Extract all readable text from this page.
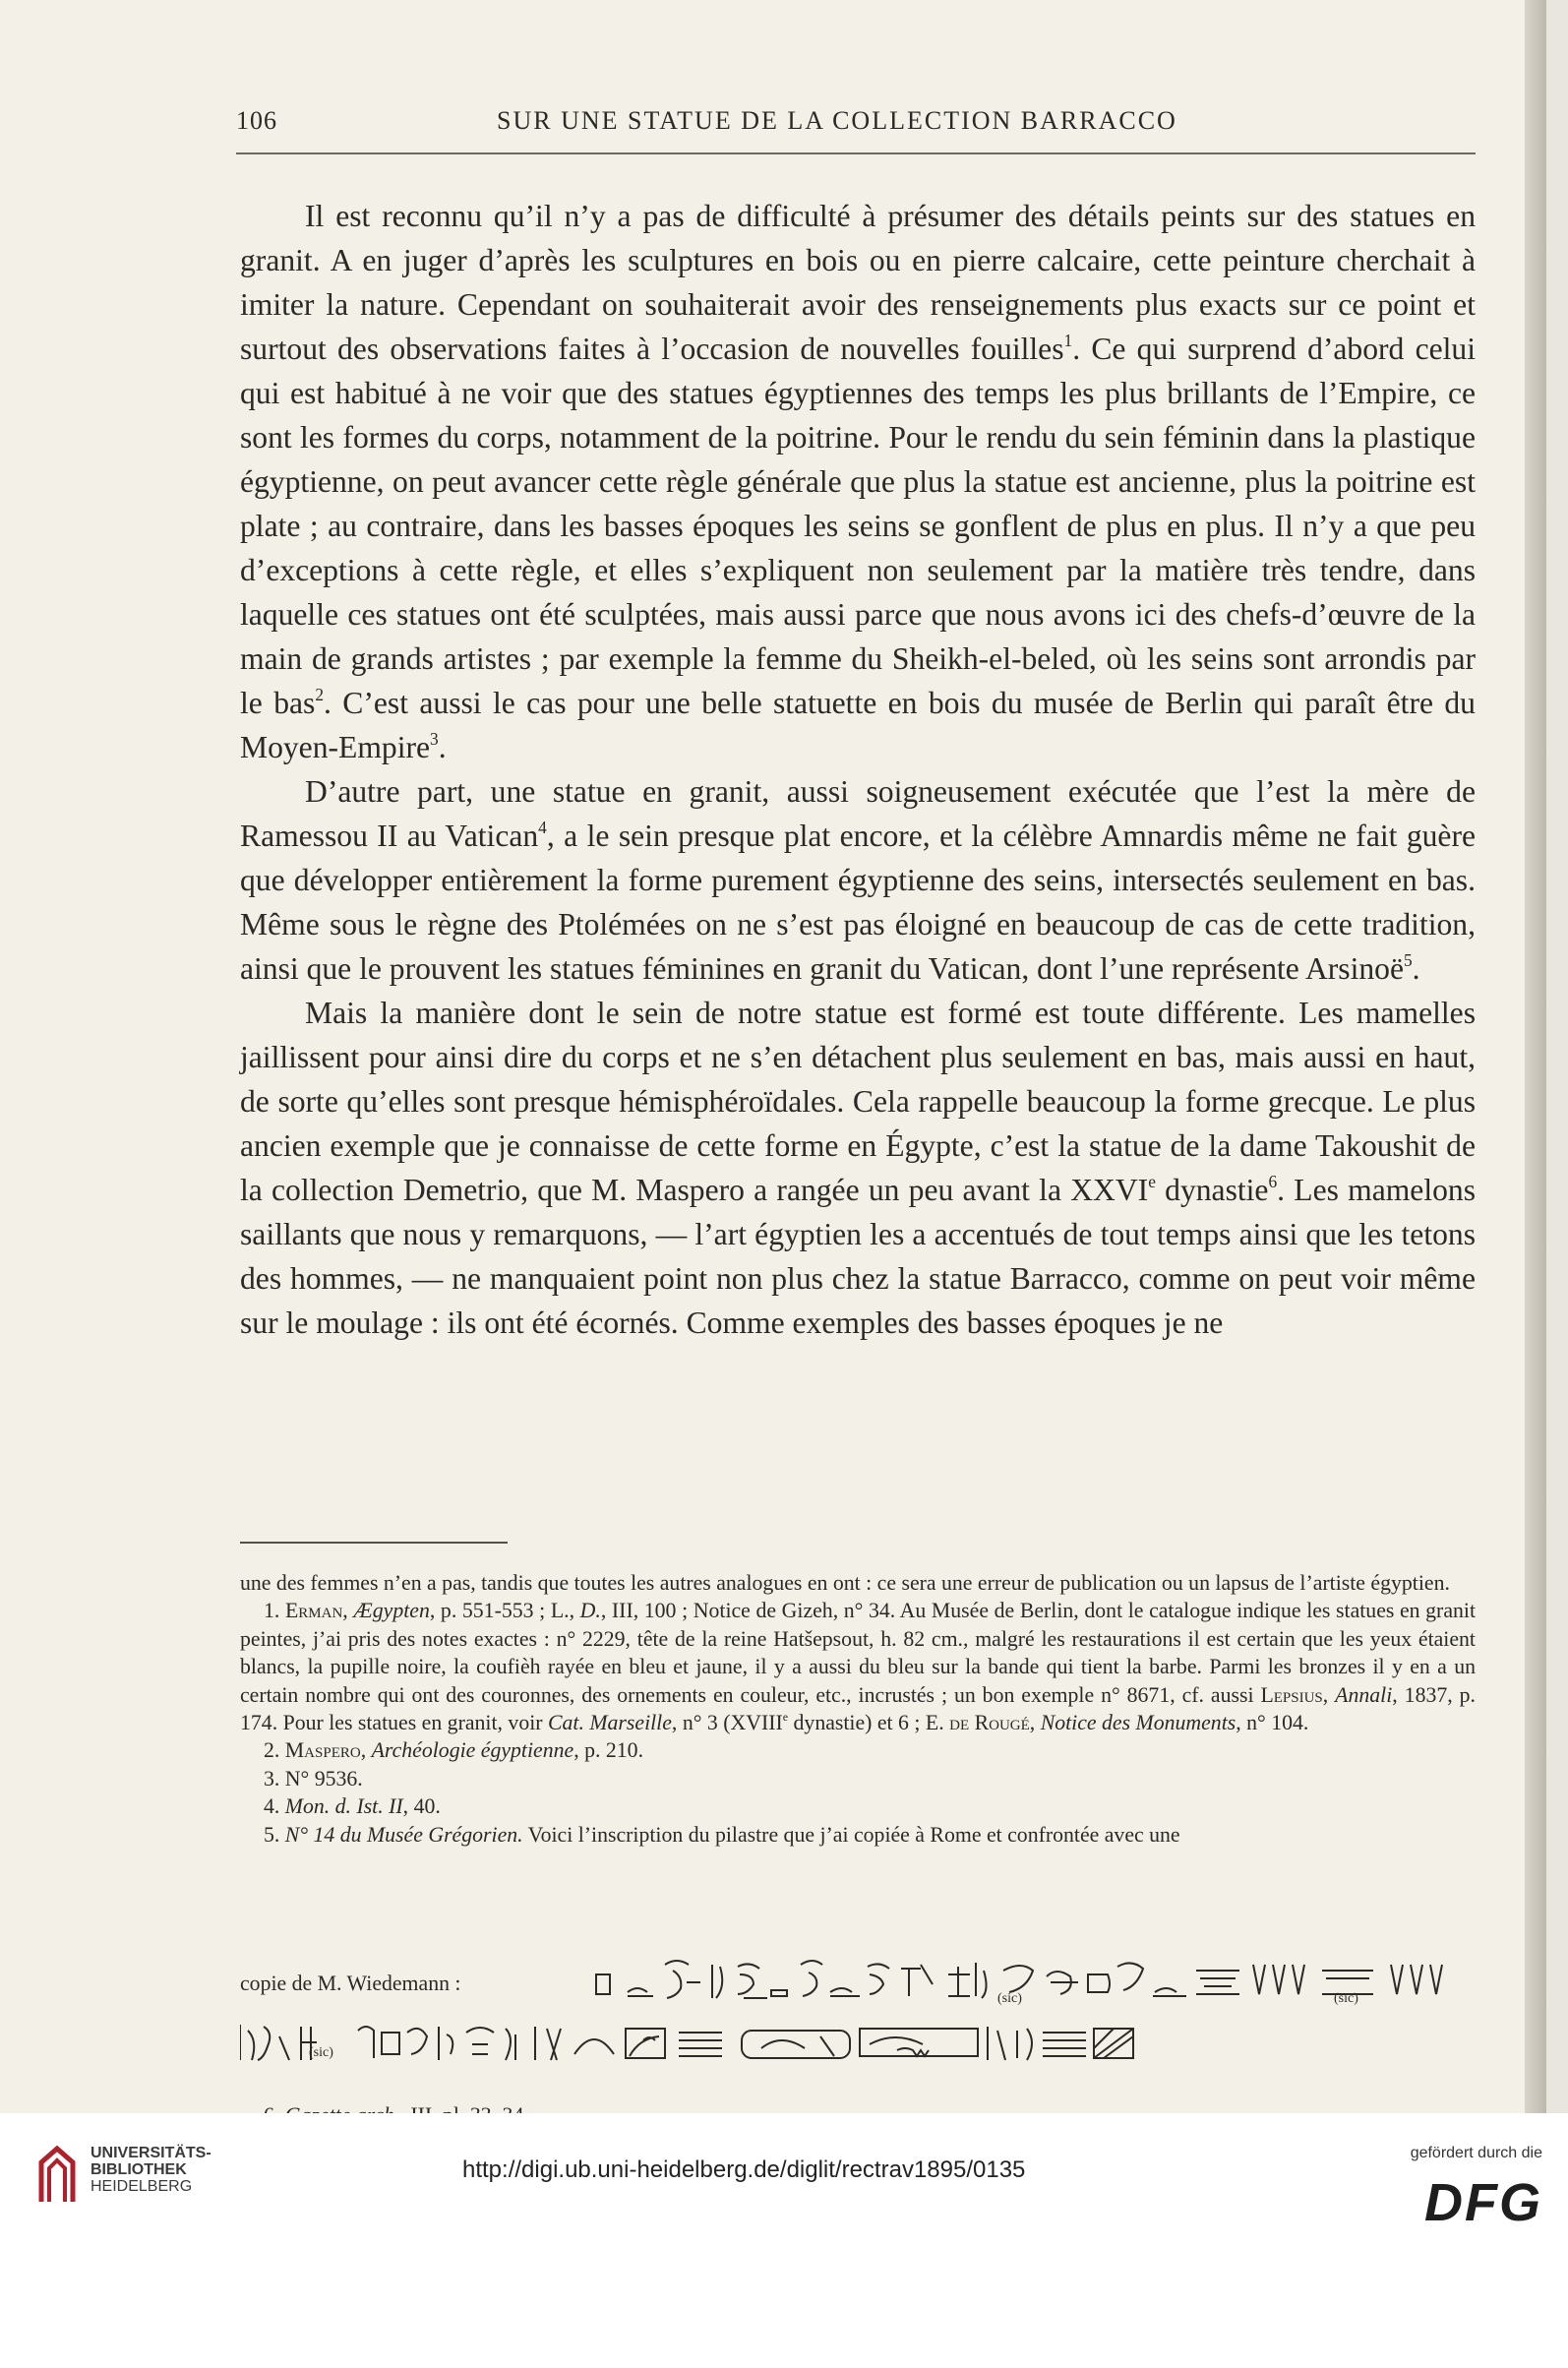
106	SUR UNE STATUE DE LA COLLECTION BARRACCO

Il est reconnu qu’il n’y a pas de difficulté à présumer des détails peints sur des statues en granit. A en juger d’après les sculptures en bois ou en pierre calcaire, cette peinture cherchait à imiter la nature. Cependant on souhaiterait avoir des renseignements plus exacts sur ce point et surtout des observations faites à l’occasion de nouvelles fouilles$^1$. Ce qui surprend d’abord celui qui est habitué à ne voir que des statues égyptiennes des temps les plus brillants de l’Empire, ce sont les formes du corps, notamment de la poitrine. Pour le rendu du sein féminin dans la plastique égyptienne, on peut avancer cette règle générale que plus la statue est ancienne, plus la poitrine est plate ; au contraire, dans les basses époques les seins se gonflent de plus en plus. Il n’y a que peu d’exceptions à cette règle, et elles s’expliquent non seulement par la matière très tendre, dans laquelle ces statues ont été sculptées, mais aussi parce que nous avons ici des chefs-d’œuvre de la main de grands artistes ; par exemple la femme du Sheikh-el-beled, où les seins sont arrondis par le bas$^2$. C’est aussi le cas pour une belle statuette en bois du musée de Berlin qui paraît être du Moyen-Empire$^3$.

D’autre part, une statue en granit, aussi soigneusement exécutée que l’est la mère de Ramessou II au Vatican$^4$, a le sein presque plat encore, et la célèbre Amnardis même ne fait guère que développer entièrement la forme purement égyptienne des seins, intersectés seulement en bas. Même sous le règne des Ptolémées on ne s’est pas éloigné en beaucoup de cas de cette tradition, ainsi que le prouvent les statues féminines en granit du Vatican, dont l’une représente Arsinoë$^5$.

Mais la manière dont le sein de notre statue est formé est toute différente. Les mamelles jaillissent pour ainsi dire du corps et ne s’en détachent plus seulement en bas, mais aussi en haut, de sorte qu’elles sont presque hémisphéroïdales. Cela rappelle beaucoup la forme grecque. Le plus ancien exemple que je connaisse de cette forme en Égypte, c’est la statue de la dame Takoushit de la collection Demetrio, que M. Maspero a rangée un peu avant la XXVIe dynastie$^6$. Les mamelons saillants que nous y remarquons, — l’art égyptien les a accentués de tout temps ainsi que les tetons des hommes, — ne manquaient point non plus chez la statue Barracco, comme on peut voir même sur le moulage : ils ont été écornés. Comme exemples des basses époques je ne

une des femmes n’en a pas, tandis que toutes les autres analogues en ont : ce sera une erreur de publication ou un lapsus de l’artiste égyptien.

1. Erman, Ægypten, p. 551-553 ; L., D., III, 100 ; Notice de Gizeh, n° 34. Au Musée de Berlin, dont le catalogue indique les statues en granit peintes, j’ai pris des notes exactes : n° 2229, tête de la reine Hatšepsout, h. 82 cm., malgré les restaurations il est certain que les yeux étaient blancs, la pupille noire, la coufièh rayée en bleu et jaune, il y a aussi du bleu sur la bande qui tient la barbe. Parmi les bronzes il y en a un certain nombre qui ont des couronnes, des ornements en couleur, etc., incrustés ; un bon exemple n° 8671, cf. aussi Lepsius, Annali, 1837, p. 174. Pour les statues en granit, voir Cat. Marseille, n° 3 (XVIIIe dynastie) et 6 ; E. de Rougé, Notice des Monuments, n° 104.

2. Maspero, Archéologie égyptienne, p. 210.

3. N° 9536.

4. Mon. d. Ist. II, 40.

5. N° 14 du Musée Grégorien. Voici l’inscription du pilastre que j’ai copiée à Rome et confrontée avec une

copie de M. Wiedemann :
(sic)	(sic)
(sic)

UNIVERSITÄTS-
BIBLIOTHEK
HEIDELBERG
http://digi.ub.uni-heidelberg.de/diglit/rectrav1895/0135
gefördert durch die
DFG
